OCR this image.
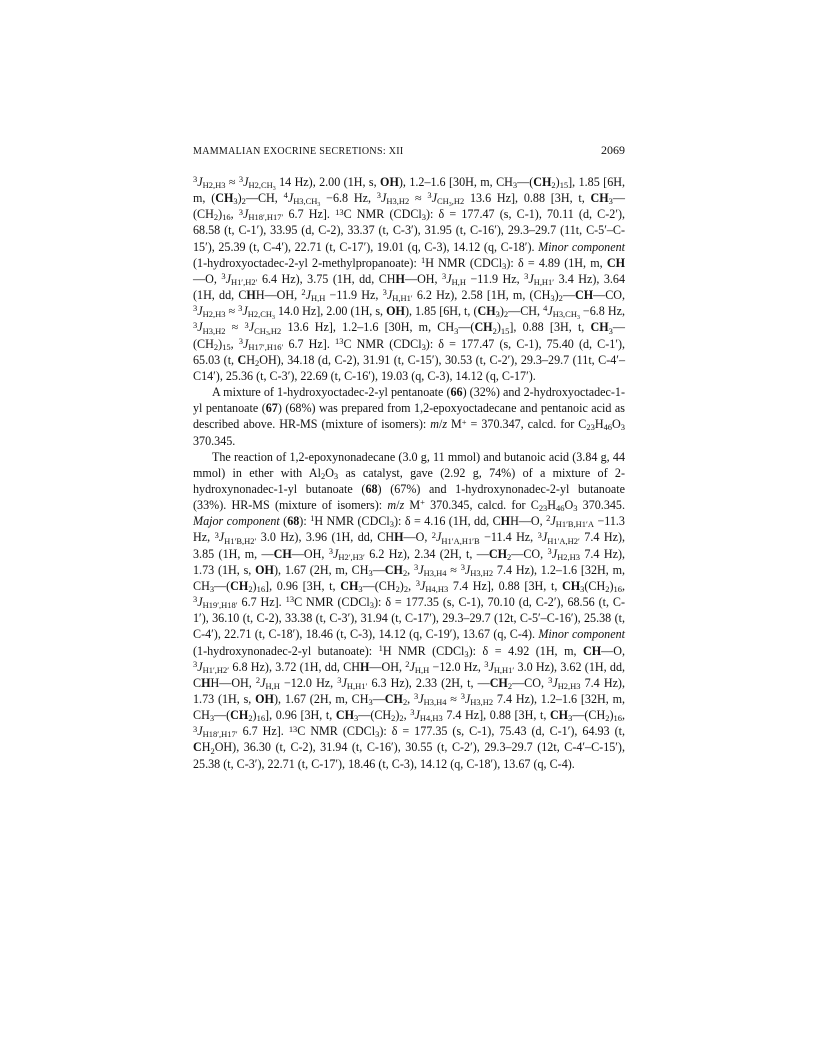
MAMMALIAN EXOCRINE SECRETIONS: XII	2069

$^3J_{H2,H3} \approx ^3J_{H2,CH_3}$ 14 Hz), 2.00 (1H, s, OH), 1.2–1.6 [30H, m, $CH_3—(CH_2)_{15}$], 1.85 [6H, m, $(CH_3)_2—CH$, $^4J_{H3,CH_3} -6.8$ Hz, $^3J_{H3,H2} \approx ^3J_{CH_3,H2}$ 13.6 Hz], 0.88 [3H, t, $CH_3—(CH_2)_{16}$, $^3J_{H18',H17'}$ 6.7 Hz]. $^{13}$C NMR (CDCl$_3$): δ = 177.47 (s, C-1), 70.11 (d, C-2′), 68.58 (t, C-1′), 33.95 (d, C-2), 33.37 (t, C-3′), 31.95 (t, C-16′), 29.3–29.7 (11t, C-5′–C-15′), 25.39 (t, C-4′), 22.71 (t, C-17′), 19.01 (q, C-3), 14.12 (q, C-18′). Minor component (1-hydroxyoctadec-2-yl 2-methylpropanoate): $^1$H NMR (CDCl$_3$): δ = 4.89 (1H, m, CH—O, $^3J_{H1',H2'}$ 6.4 Hz), 3.75 (1H, dd, CHH—OH, $^3J_{H,H} -11.9$ Hz, $^3J_{H,H1'}$ 3.4 Hz), 3.64 (1H, dd, CHH—OH, $^2J_{H,H} -11.9$ Hz, $^3J_{H,H1'}$ 6.2 Hz), 2.58 [1H, m, $(CH_3)_2—CH—CO$, $^3J_{H2,H3} \approx ^3J_{H2,CH_3}$ 14.0 Hz], 2.00 (1H, s, OH), 1.85 [6H, t, $(CH_3)_2—CH$, $^4J_{H3,CH_3} -6.8$ Hz, $^3J_{H3,H2} \approx ^3J_{CH_3,H2}$ 13.6 Hz], 1.2–1.6 [30H, m, $CH_3—(CH_2)_{15}$], 0.88 [3H, t, $CH_3—(CH_2)_{15}$, $^3J_{H17',H16'}$ 6.7 Hz]. $^{13}$C NMR (CDCl$_3$): δ = 177.47 (s, C-1), 75.40 (d, C-1′), 65.03 (t, $CH_2OH$), 34.18 (d, C-2), 31.91 (t, C-15′), 30.53 (t, C-2′), 29.3–29.7 (11t, C-4′–C14′), 25.36 (t, C-3′), 22.69 (t, C-16′), 19.03 (q, C-3), 14.12 (q, C-17′).

A mixture of 1-hydroxyoctadec-2-yl pentanoate (66) (32%) and 2-hydroxyoctadec-1-yl pentanoate (67) (68%) was prepared from 1,2-epoxyoctadecane and pentanoic acid as described above. HR-MS (mixture of isomers): m/z M+ = 370.347, calcd. for $C_{23}H_{46}O_3$ 370.345.

The reaction of 1,2-epoxynonadecane (3.0 g, 11 mmol) and butanoic acid (3.84 g, 44 mmol) in ether with $Al_2O_3$ as catalyst, gave (2.92 g, 74%) of a mixture of 2-hydroxynonadec-1-yl butanoate (68) (67%) and 1-hydroxynonadec-2-yl butanoate (33%). HR-MS (mixture of isomers): m/z M+ 370.345, calcd. for $C_{23}H_{46}O_3$ 370.345. Major component (68): $^1$H NMR (CDCl$_3$): δ = 4.16 (1H, dd, CHH—O, $^2J_{H1'B,H1'A} -11.3$ Hz, $^3J_{H1'B,H2'}$ 3.0 Hz), 3.96 (1H, dd, CHH—O, $^2J_{H1'A,H1'B} -11.4$ Hz, $^3J_{H1'A,H2'}$ 7.4 Hz), 3.85 (1H, m, —CH—OH, $^3J_{H2',H3'}$ 6.2 Hz), 2.34 (2H, t, $—CH_2—CO$, $^3J_{H2,H3}$ 7.4 Hz), 1.73 (1H, s, OH), 1.67 (2H, m, $CH_3—CH_2$, $^3J_{H3,H4} \approx ^3J_{H3,H2}$ 7.4 Hz), 1.2–1.6 [32H, m, $CH_3—(CH_2)_{16}$], 0.96 [3H, t, $CH_3—(CH_2)_2$, $^3J_{H4,H3}$ 7.4 Hz], 0.88 [3H, t, $CH_3(CH_2)_{16}$, $^3J_{H19',H18'}$ 6.7 Hz]. $^{13}$C NMR (CDCl$_3$): δ = 177.35 (s, C-1), 70.10 (d, C-2′), 68.56 (t, C-1′), 36.10 (t, C-2), 33.38 (t, C-3′), 31.94 (t, C-17′), 29.3–29.7 (12t, C-5′–C-16′), 25.38 (t, C-4′), 22.71 (t, C-18′), 18.46 (t, C-3), 14.12 (q, C-19′), 13.67 (q, C-4). Minor component (1-hydroxynonadec-2-yl butanoate): $^1$H NMR (CDCl$_3$): δ = 4.92 (1H, m, CH—O, $^3J_{H1',H2'}$ 6.8 Hz), 3.72 (1H, dd, CHH—OH, $^2J_{H,H} -12.0$ Hz, $^3J_{H,H1'}$ 3.0 Hz), 3.62 (1H, dd, CHH—OH, $^2J_{H,H} -12.0$ Hz, $^3J_{H,H1'}$ 6.3 Hz), 2.33 (2H, t, $—CH_2—CO$, $^3J_{H2,H3}$ 7.4 Hz), 1.73 (1H, s, OH), 1.67 (2H, m, $CH_3—CH_2$, $^3J_{H3,H4} \approx ^3J_{H3,H2}$ 7.4 Hz), 1.2–1.6 [32H, m, $CH_3—(CH_2)_{16}$], 0.96 [3H, t, $CH_3—(CH_2)_2$, $^3J_{H4,H3}$ 7.4 Hz], 0.88 [3H, t, $CH_3—(CH_2)_{16}$, $^3J_{H18',H17'}$ 6.7 Hz]. $^{13}$C NMR (CDCl$_3$): δ = 177.35 (s, C-1), 75.43 (d, C-1′), 64.93 (t, $CH_2OH$), 36.30 (t, C-2), 31.94 (t, C-16′), 30.55 (t, C-2′), 29.3–29.7 (12t, C-4′–C-15′), 25.38 (t, C-3′), 22.71 (t, C-17′), 18.46 (t, C-3), 14.12 (q, C-18′), 13.67 (q, C-4).
